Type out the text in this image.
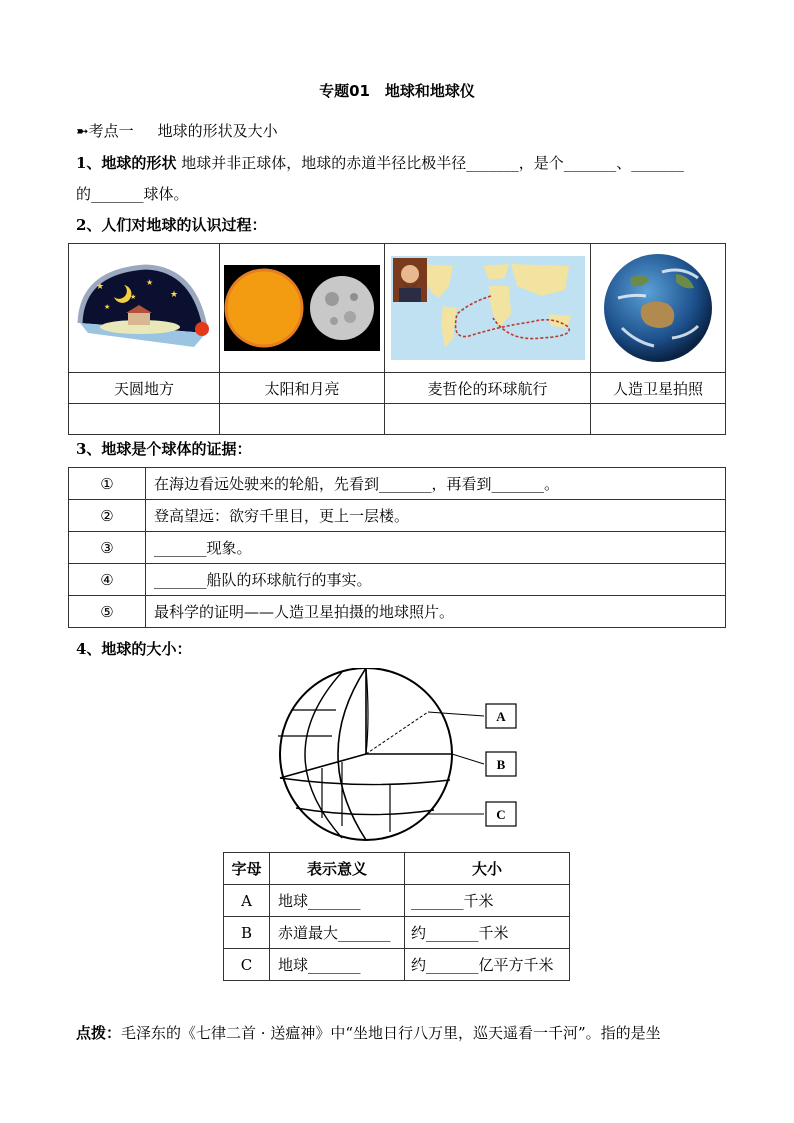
专题01　地球和地球仪
➼考点一 地球的形状及大小
1、地球的形状 地球并非正球体，地球的赤道半径比极半径_______，是个_______、_______
的_______球体。
2、人们对地球的认识过程：
★ ★
★
★
★

天圆地方	太阳和月亮	麦哲伦的环球航行	人造卫星拍照

3、地球是个球体的证据：
①	在海边看远处驶来的轮船，先看到_______，再看到_______。
②	登高望远：欲穷千里目，更上一层楼。
③	_______现象。
④	_______船队的环球航行的事实。
⑤	最科学的证明——人造卫星拍摄的地球照片。
4、地球的大小：
A
B
C
字母	表示意义	大小
A	地球_______	_______千米
B	赤道最大_______	约_______千米
C	地球_______	约_______亿平方千米
点拨：毛泽东的《七律二首 · 送瘟神》中“坐地日行八万里，巡天遥看一千河”。指的是坐
